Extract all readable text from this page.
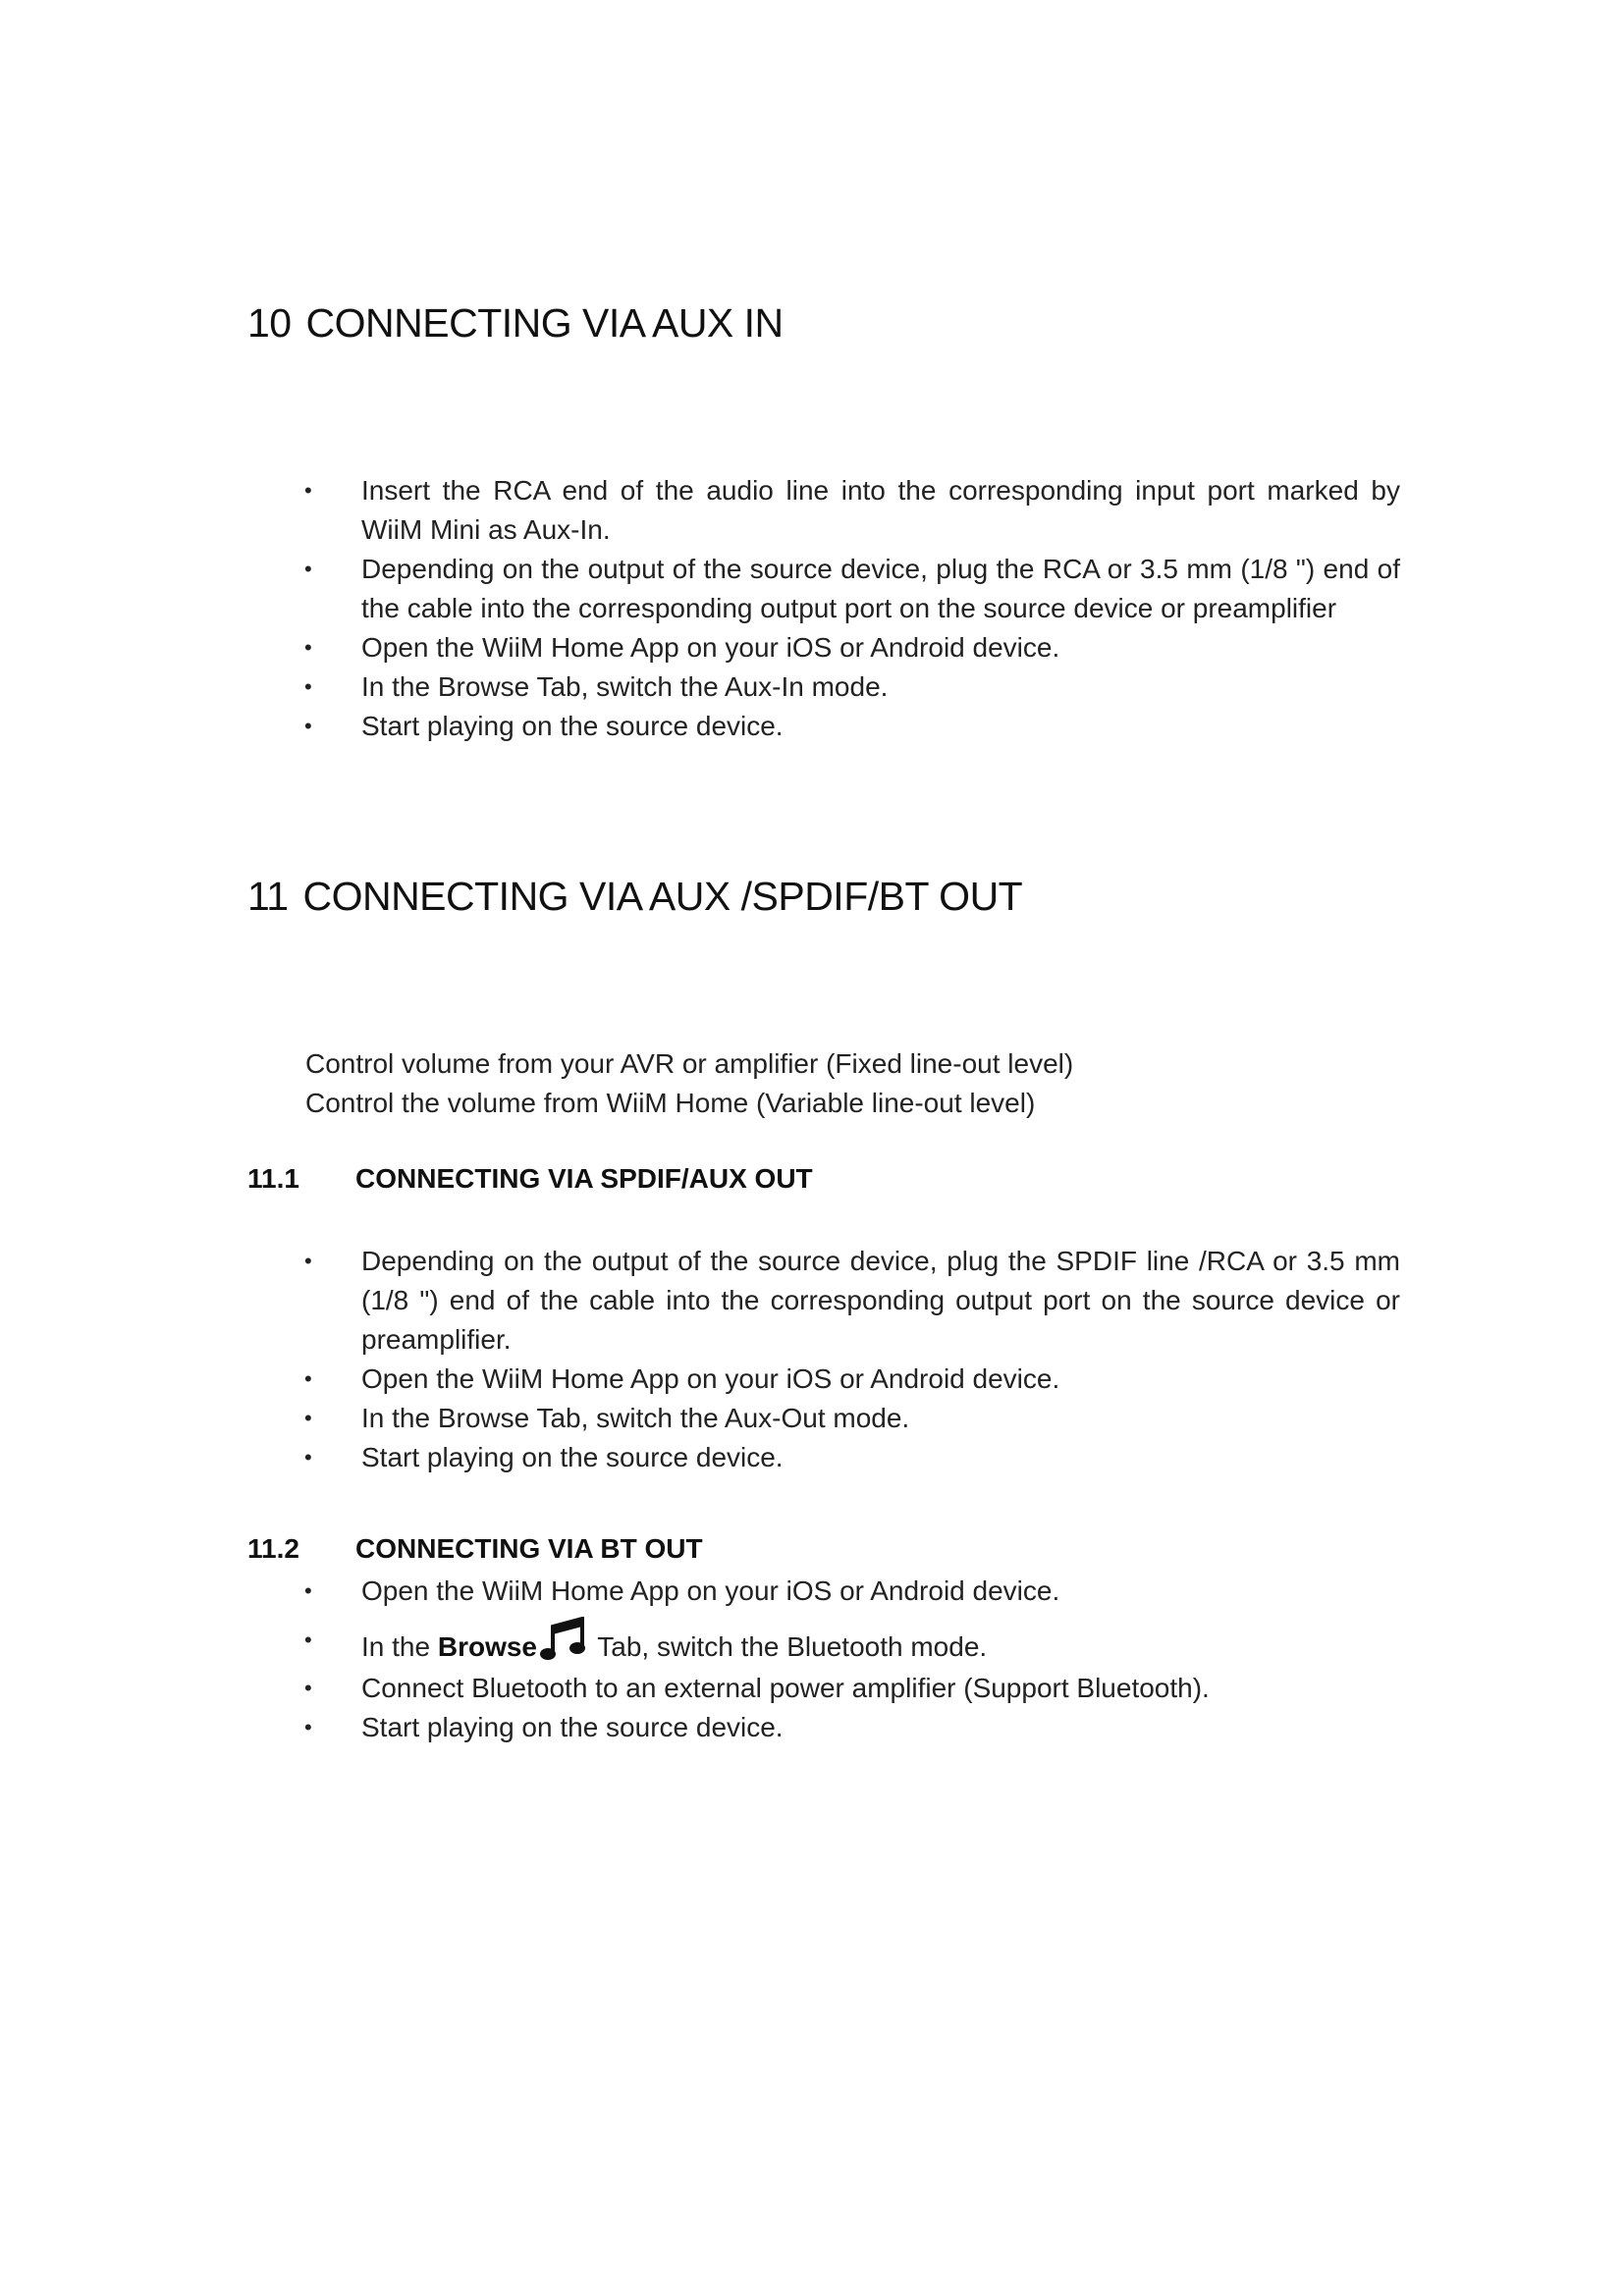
10 CONNECTING VIA AUX IN
• Insert the RCA end of the audio line into the corresponding input port marked by WiiM Mini as Aux-In.
• Depending on the output of the source device, plug the RCA or 3.5 mm (1/8 ") end of the cable into the corresponding output port on the source device or preamplifier
• Open the WiiM Home App on your iOS or Android device.
• In the Browse Tab, switch the Aux-In mode.
• Start playing on the source device.
11 CONNECTING VIA AUX /SPDIF/BT OUT
Control volume from your AVR or amplifier (Fixed line-out level)
Control the volume from WiiM Home (Variable line-out level)
11.1 CONNECTING VIA SPDIF/AUX OUT
• Depending on the output of the source device, plug the SPDIF line /RCA or 3.5 mm (1/8 ") end of the cable into the corresponding output port on the source device or preamplifier.
• Open the WiiM Home App on your iOS or Android device.
• In the Browse Tab, switch the Aux-Out mode.
• Start playing on the source device.
11.2 CONNECTING VIA BT OUT
• Open the WiiM Home App on your iOS or Android device.
• In the Browse Tab, switch the Bluetooth mode.
• Connect Bluetooth to an external power amplifier (Support Bluetooth).
• Start playing on the source device.
